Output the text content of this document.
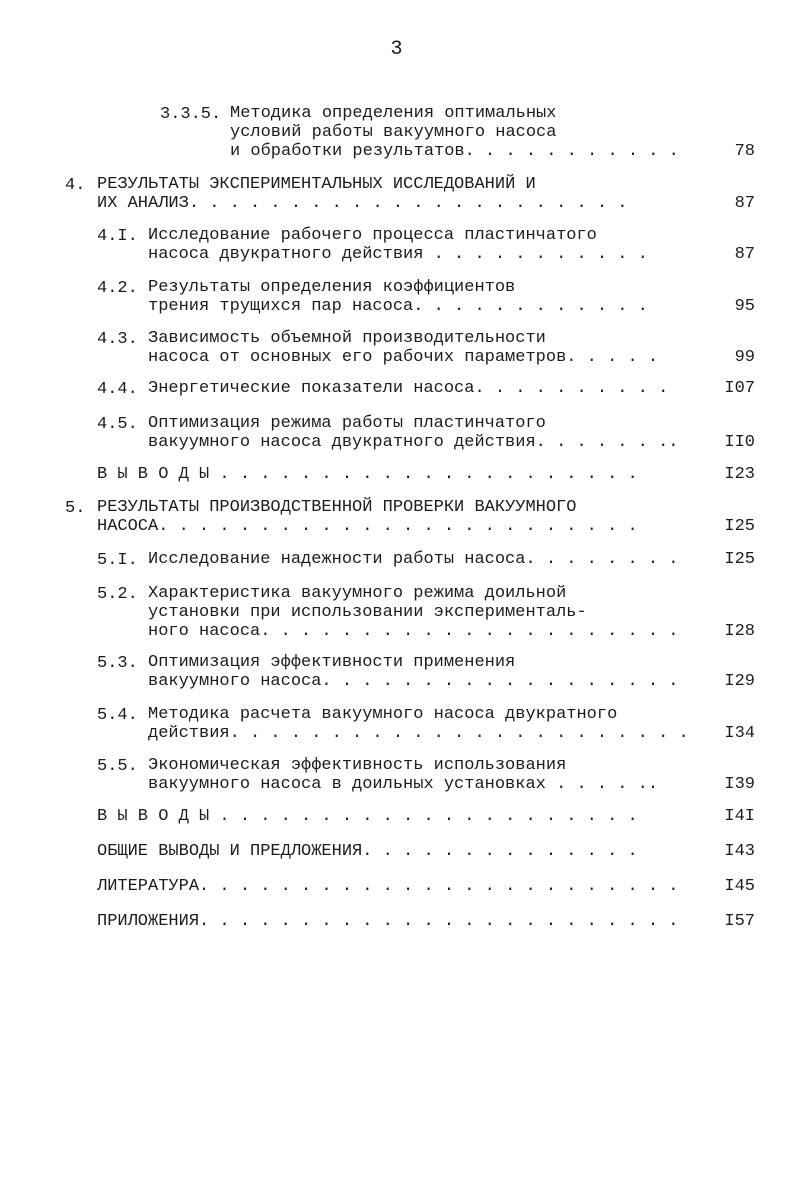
3
3.3.5. Методика определения оптимальных
условий работы вакуумного насоса
и обработки результатов. . . . . . . . . . .	78
4. РЕЗУЛЬТАТЫ ЭКСПЕРИМЕНТАЛЬНЫХ ИССЛЕДОВАНИЙ И
ИХ АНАЛИЗ. . . . . . . . . . . . . . . . . . . . . .	87
4.I. Исследование рабочего процесса пластинчатого
насоса двукратного действия . . . . . . . . . . .	87
4.2. Результаты определения коэффициентов
трения трущихся пар насоса. . . . . . . . . . . .	95
4.3. Зависимость объемной производительности
насоса от основных его рабочих параметров. . . . .	99
4.4. Энергетические показатели насоса. . . . . . . . . .	I07
4.5. Оптимизация режима работы пластинчатого
вакуумного насоса двукратного действия. . . . . . ..	II0
В Ы В О Д Ы . . . . . . . . . . . . . . . . . . . . .	I23
5. РЕЗУЛЬТАТЫ ПРОИЗВОДСТВЕННОЙ ПРОВЕРКИ ВАКУУМНОГО
НАСОСА. . . . . . . . . . . . . . . . . . . . . . . .	I25
5.I. Исследование надежности работы насоса. . . . . . . .	I25
5.2. Характеристика вакуумного режима доильной
установки при использовании эксперименталь-
ного насоса. . . . . . . . . . . . . . . . . . . . .	I28
5.3. Оптимизация эффективности применения
вакуумного насоса. . . . . . . . . . . . . . . . . .	I29
5.4. Методика расчета вакуумного насоса двукратного
действия. . . . . . . . . . . . . . . . . . . . . . . I34
5.5. Экономическая эффективность использования
вакуумного насоса в доильных установках . . . . ..	I39
В Ы В О Д Ы . . . . . . . . . . . . . . . . . . . . .	I4I
ОБЩИЕ ВЫВОДЫ И ПРЕДЛОЖЕНИЯ. . . . . . . . . . . . . .	I43
ЛИТЕРАТУРА. . . . . . . . . . . . . . . . . . . . . . . .	I45
ПРИЛОЖЕНИЯ. . . . . . . . . . . . . . . . . . . . . . . .	I57
